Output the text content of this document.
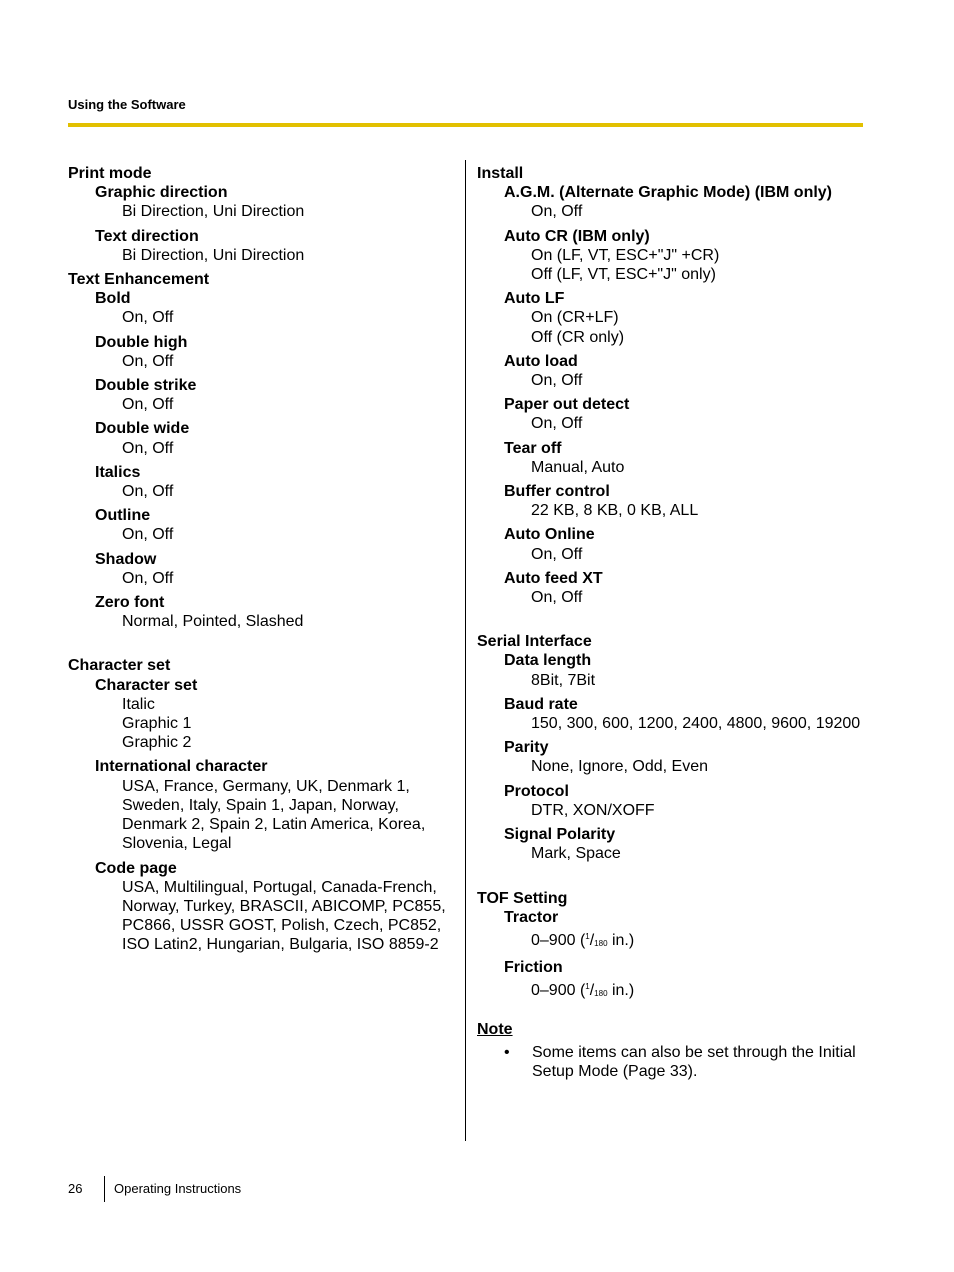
Using the Software
Print mode
Graphic direction
Bi Direction, Uni Direction
Text direction
Bi Direction, Uni Direction
Text Enhancement
Bold
On, Off
Double high
On, Off
Double strike
On, Off
Double wide
On, Off
Italics
On, Off
Outline
On, Off
Shadow
On, Off
Zero font
Normal, Pointed, Slashed
Character set
Character set
Italic
Graphic 1
Graphic 2
International character
USA, France, Germany, UK, Denmark 1,
Sweden, Italy, Spain 1, Japan, Norway,
Denmark 2, Spain 2, Latin America, Korea,
Slovenia, Legal
Code page
USA, Multilingual, Portugal, Canada-French,
Norway, Turkey, BRASCII, ABICOMP, PC855,
PC866, USSR GOST, Polish, Czech, PC852,
ISO Latin2, Hungarian, Bulgaria, ISO 8859-2
Install
A.G.M. (Alternate Graphic Mode) (IBM only)
On, Off
Auto CR (IBM only)
On (LF, VT, ESC+"J" +CR)
Off (LF, VT, ESC+"J" only)
Auto LF
On (CR+LF)
Off (CR only)
Auto load
On, Off
Paper out detect
On, Off
Tear off
Manual, Auto
Buffer control
22 KB, 8 KB, 0 KB, ALL
Auto Online
On, Off
Auto feed XT
On, Off
Serial Interface
Data length
8Bit, 7Bit
Baud rate
150, 300, 600, 1200, 2400, 4800, 9600, 19200
Parity
None, Ignore, Odd, Even
Protocol
DTR, XON/XOFF
Signal Polarity
Mark, Space
TOF Setting
Tractor
0–900 ($^1$/180 in.)
Friction
0–900 ($^1$/180 in.)
Note
• Some items can also be set through the Initial
Setup Mode (Page 33).
26 Operating Instructions
